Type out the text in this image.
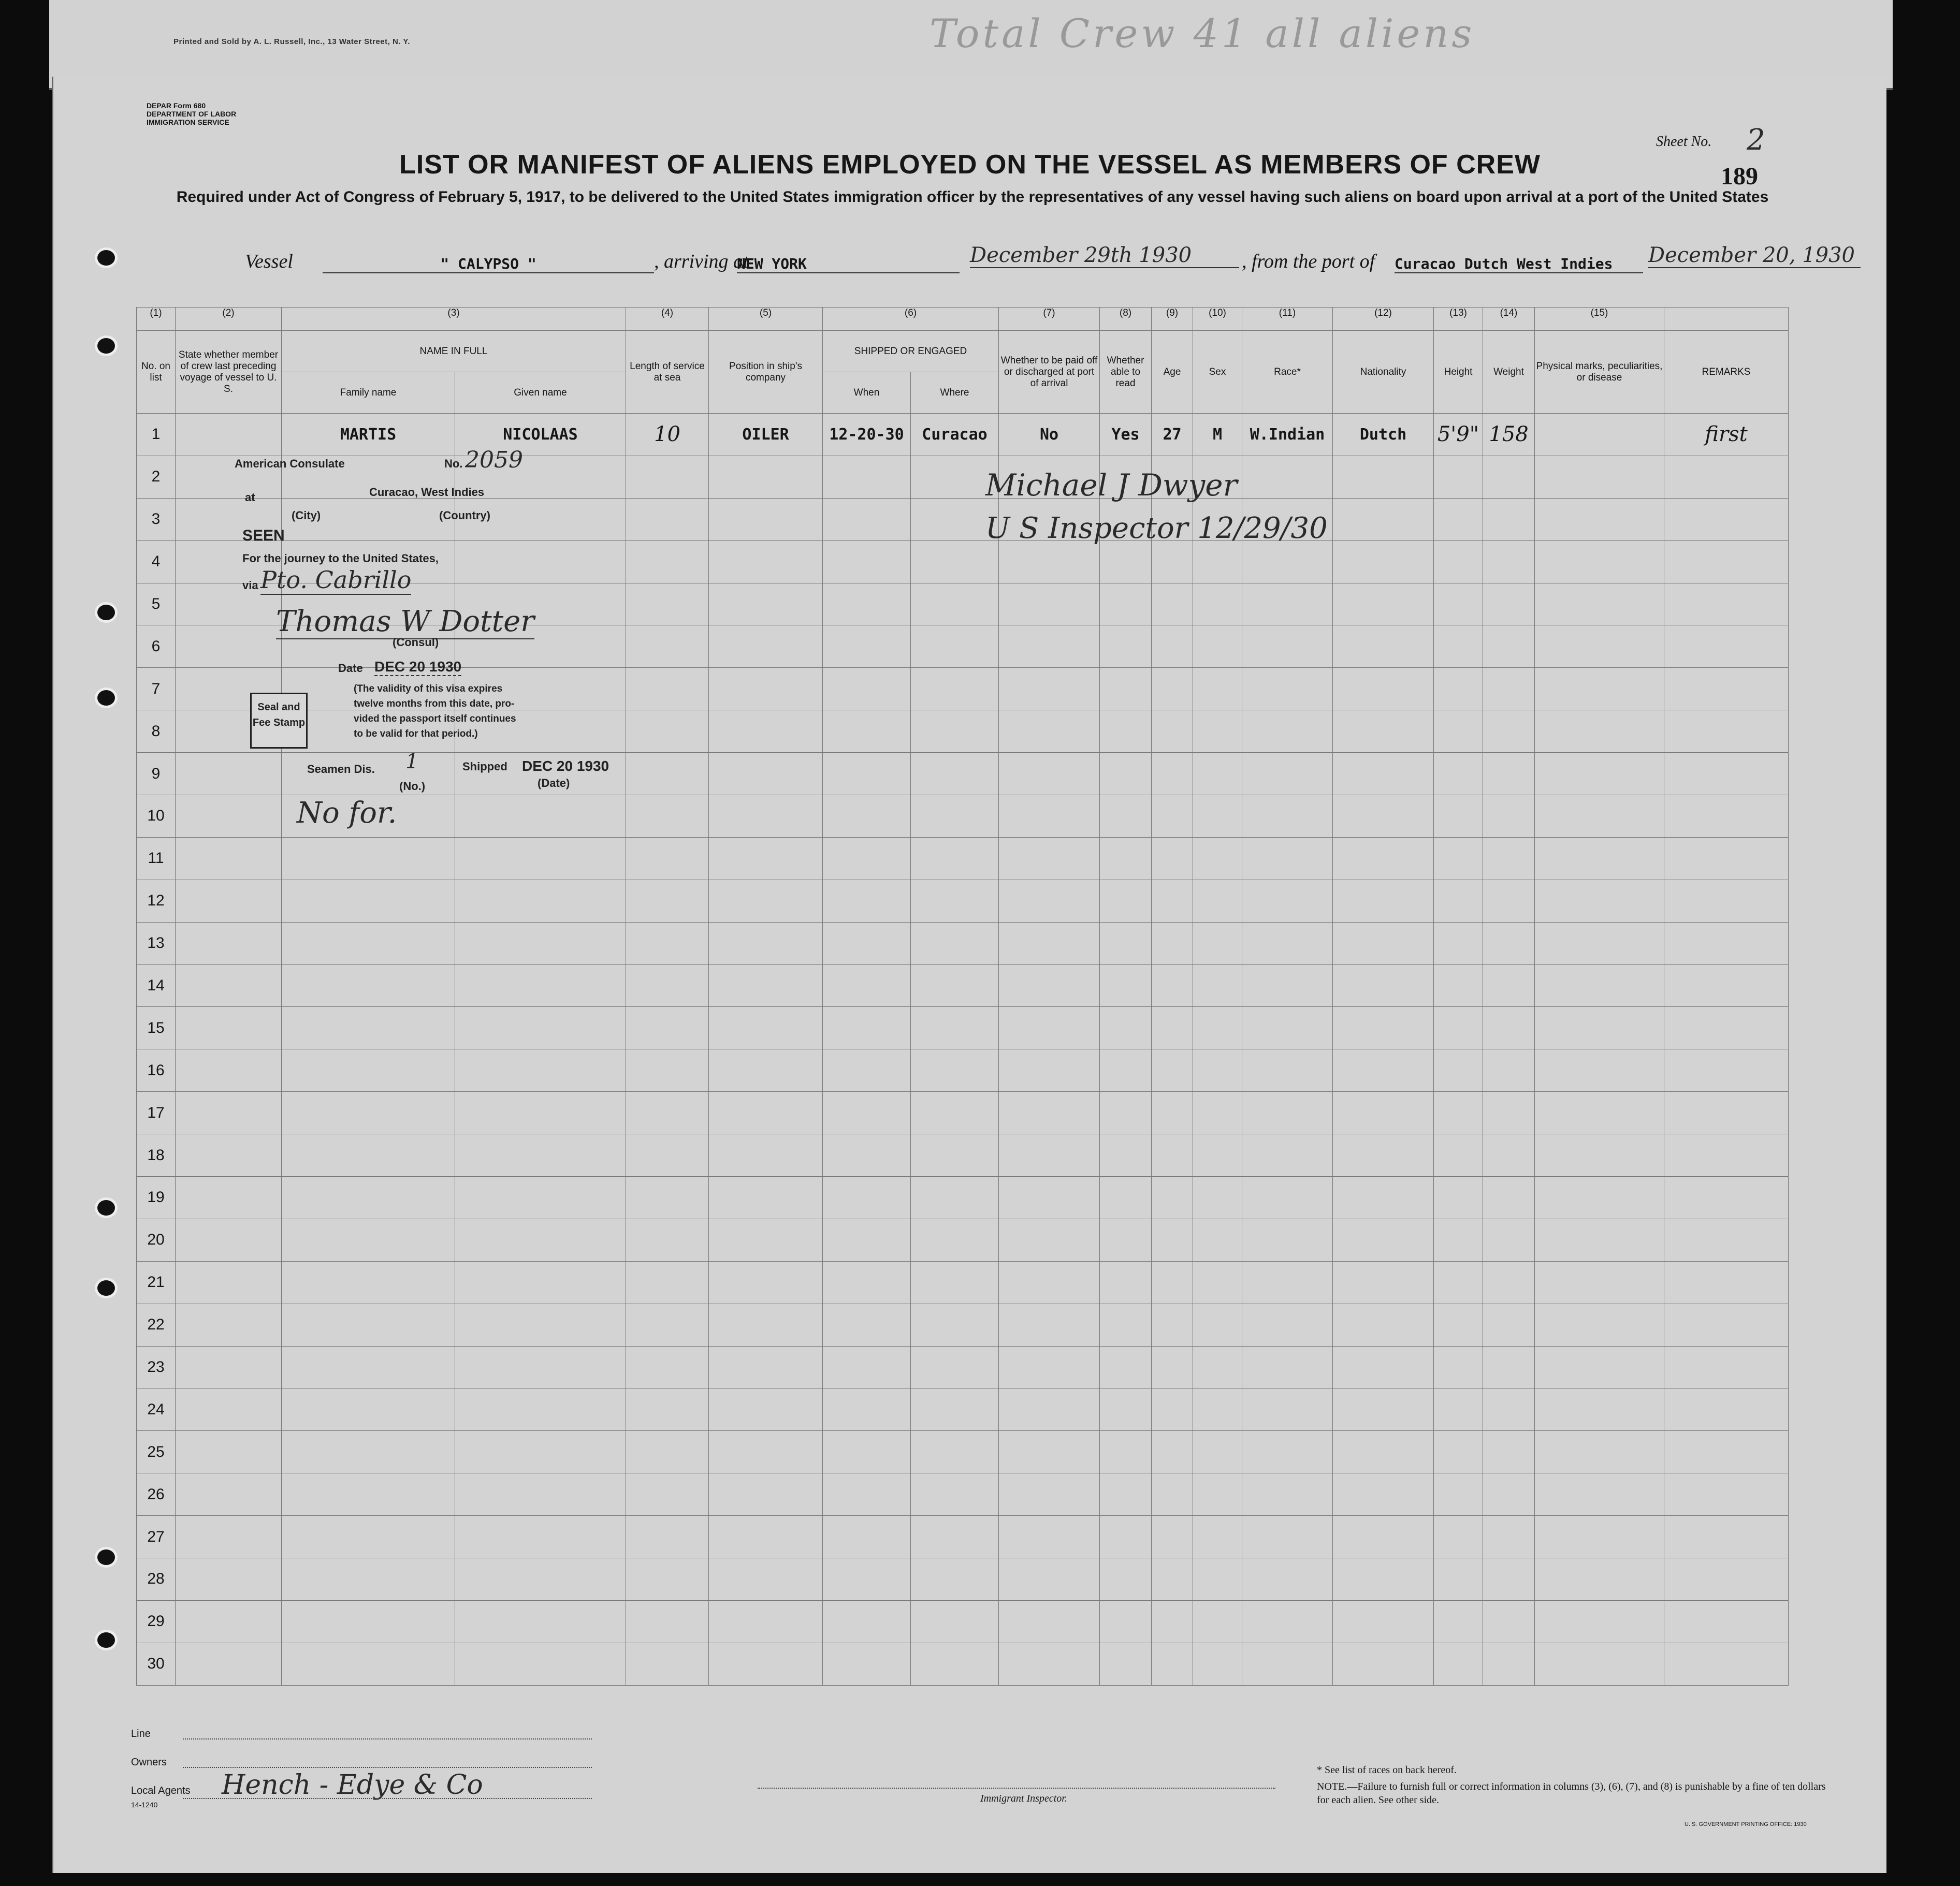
Printed and Sold by A. L. Russell, Inc., 13 Water Street, N. Y.	Total Crew 41 all aliens
DEPAR Form 680
DEPARTMENT OF LABOR
IMMIGRATION SERVICE
LIST OR MANIFEST OF ALIENS EMPLOYED ON THE VESSEL AS MEMBERS OF CREW
Required under Act of Congress of February 5, 1917, to be delivered to the United States immigration officer by the representatives of any vessel having such aliens on board upon arrival at a port of the United States
Sheet No. 2
189
Vessel	" CALYPSO "	, arriving at
NEW YORK	December 29th 1930	, from the port of Curacao Dutch West Indies	December 20, 1930
(1)	(2)	(3)		(4)	(5)	(6)		(7)	(8)	(9)	(10)	(11)	(12)	(13)	(14)	(15)	
No. on list	State whether member of crew last preceding voyage of vessel to U. S.	NAME IN FULL		Length of service at sea	Position in ship's company	SHIPPED OR ENGAGED		Whether to be paid off or discharged at port of arrival	Whether able to read	Age	Sex	Race*	Nationality	Height	Weight	Physical marks, peculiarities, or disease	REMARKS
		Family name	Given name			When	Where										
1		MARTIS	NICOLAAS	10	OILER	12-20-30	Curacao	No	Yes	27	M	W.Indian	Dutch	5'9"	158		first
2																	
3																	
4																	
5																	
6																	
7																	
8																	
9																	
10																	
11																	
12																	
13																	
14																	
15																	
16																	
17																	
18																	
19																	
20																	
21																	
22																	
23																	
24																	
25																	
26																	
27																	
28																	
29																	
30																	
American Consulate	No. 2059
at	Curacao, West Indies
(City)	(Country)
SEEN
For the journey to the United States,
via Pto. Cabrillo
Thomas W Dotter
(Consul)
Date DEC 20 1930
(The validity of this visa expires
twelve months from this date, pro-
vided the passport itself continues
to be valid for that period.)
Seal and
Fee Stamp
Seamen Dis. 1
(No.)
Shipped DEC 20 1930
(Date)
No for.
Michael J Dwyer
U S Inspector 12/29/30
Line
Owners
Local Agents Hench - Edye & Co
14-1240
Immigrant Inspector.
* See list of races on back hereof.
NOTE.—Failure to furnish full or correct information in columns (3), (6), (7), and (8) is punishable by a fine of ten dollars for each alien. See other side.
U. S. GOVERNMENT PRINTING OFFICE: 1930
